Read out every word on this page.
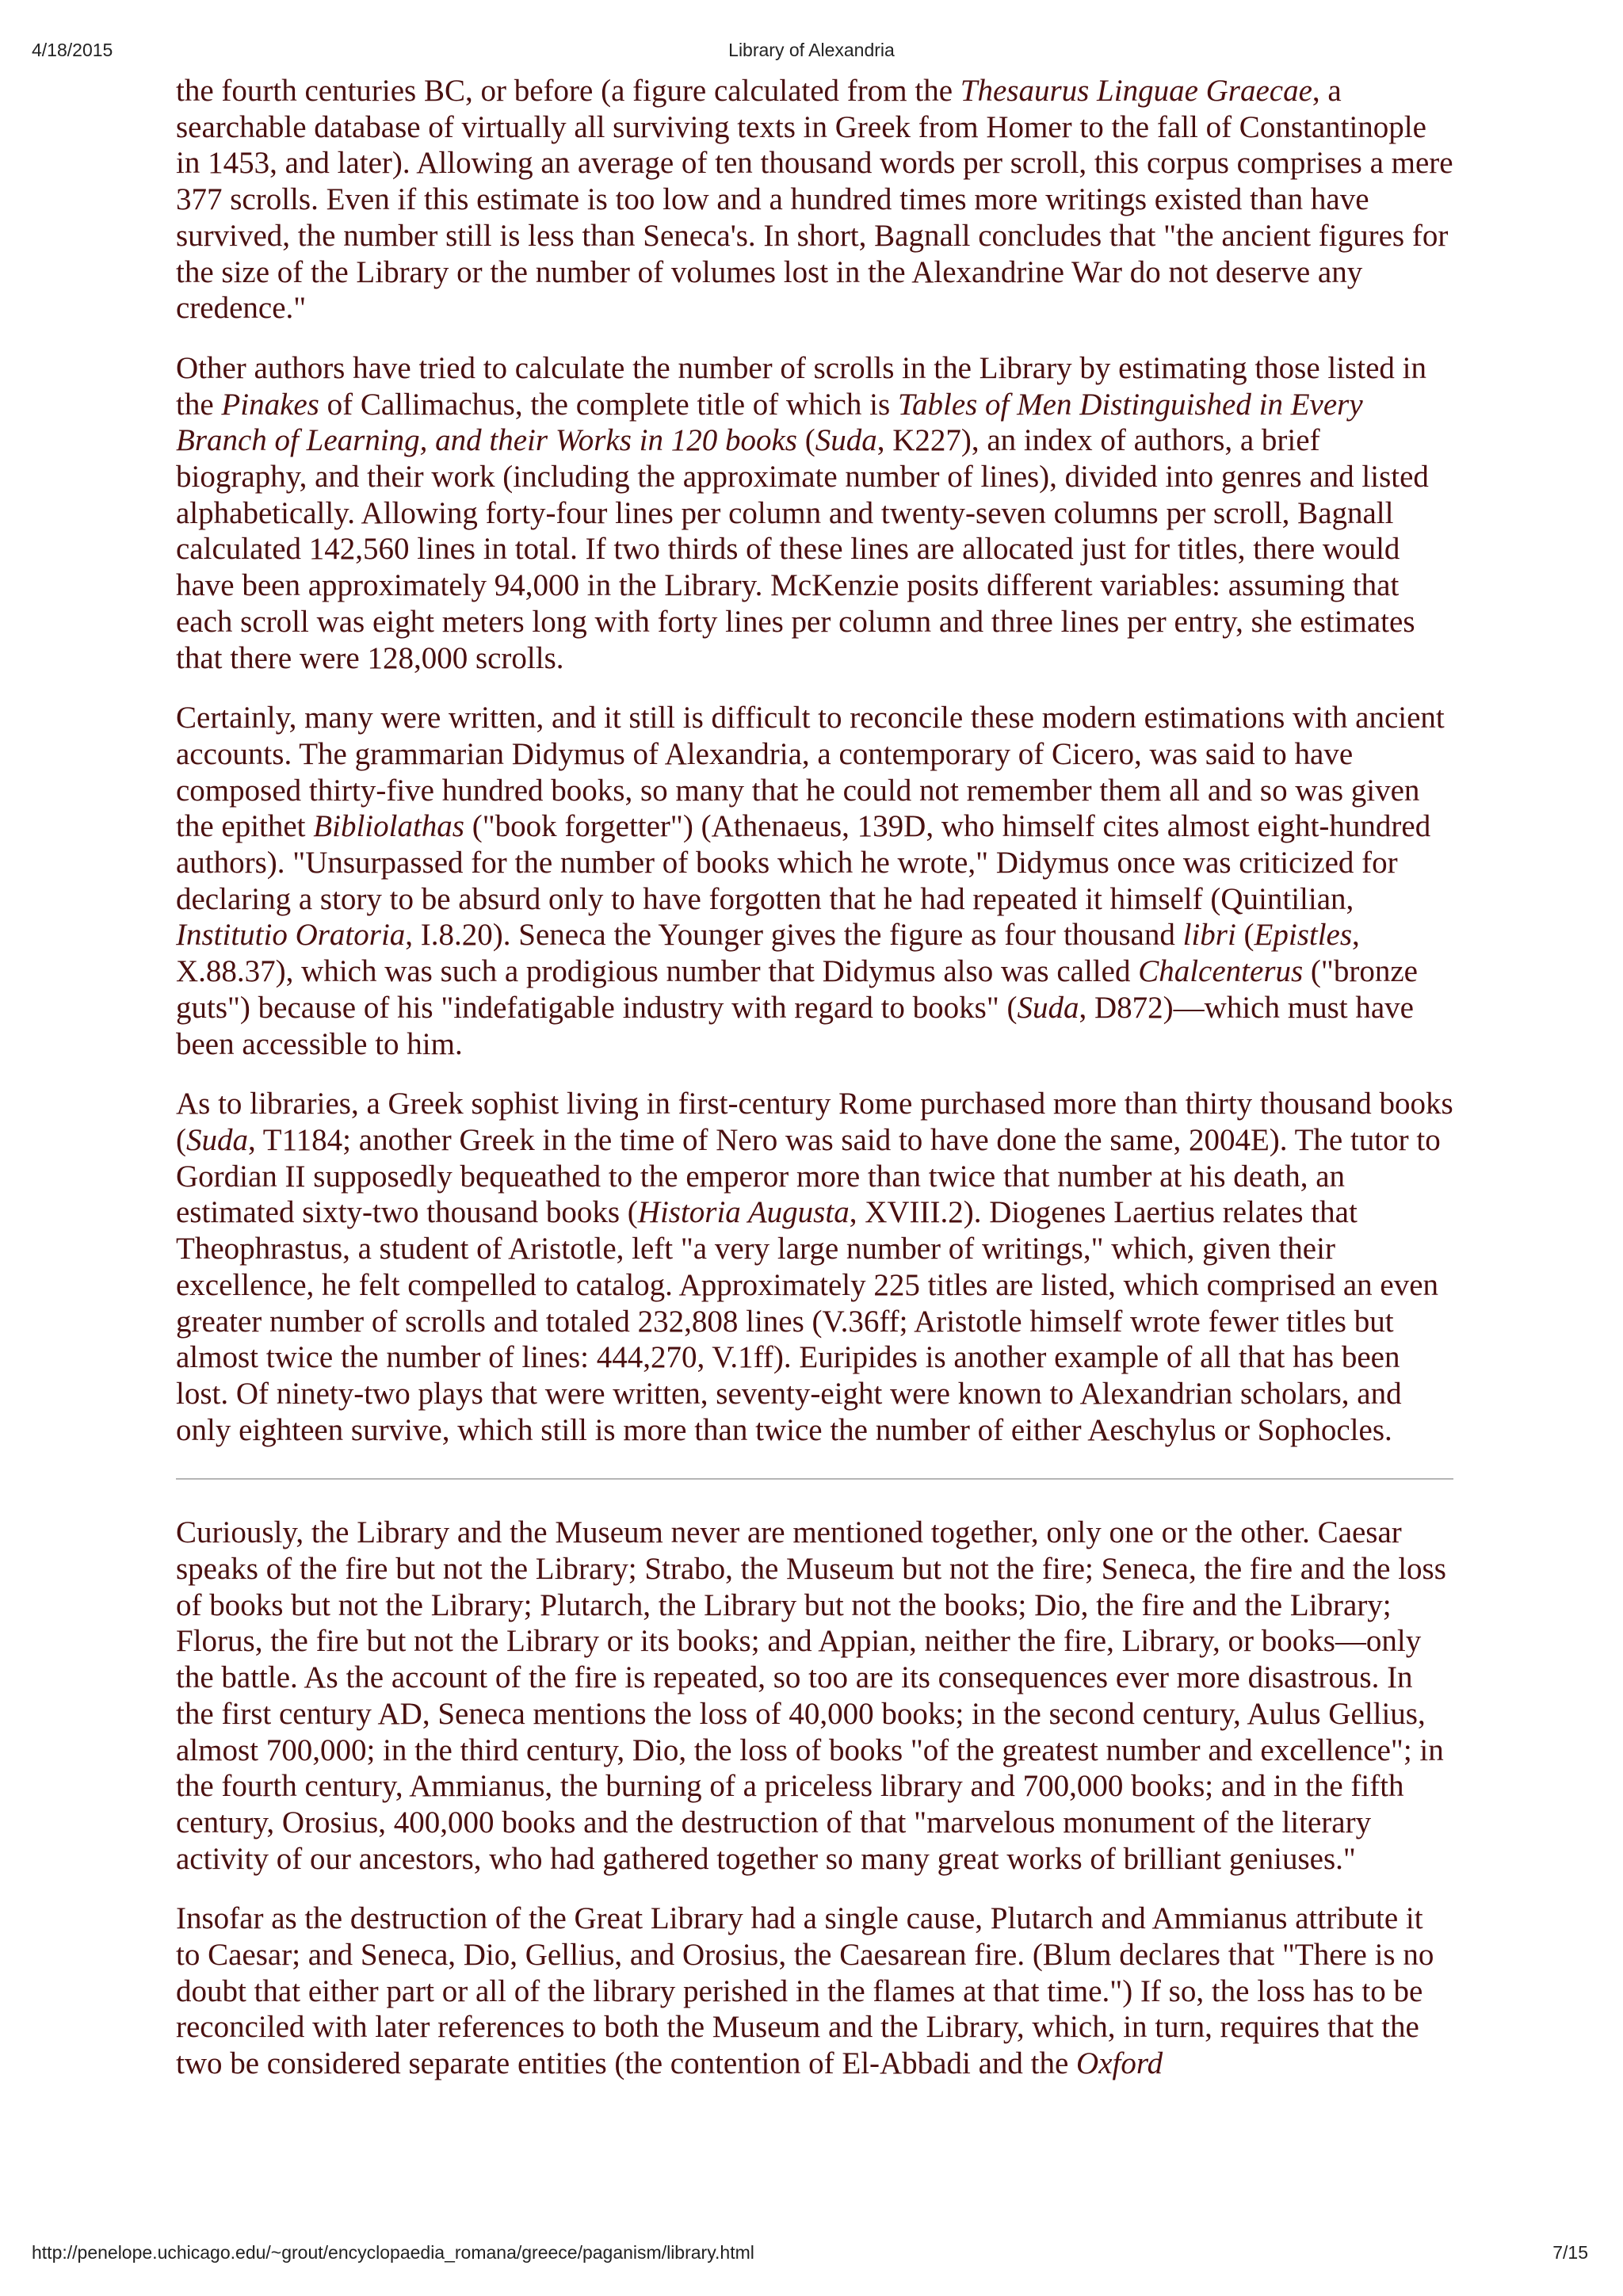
4/18/2015	Library of Alexandria

the fourth centuries BC, or before (a figure calculated from the Thesaurus Linguae Graecae, a searchable database of virtually all surviving texts in Greek from Homer to the fall of Constantinople in 1453, and later). Allowing an average of ten thousand words per scroll, this corpus comprises a mere 377 scrolls. Even if this estimate is too low and a hundred times more writings existed than have survived, the number still is less than Seneca's. In short, Bagnall concludes that "the ancient figures for the size of the Library or the number of volumes lost in the Alexandrine War do not deserve any credence."

Other authors have tried to calculate the number of scrolls in the Library by estimating those listed in the Pinakes of Callimachus, the complete title of which is Tables of Men Distinguished in Every Branch of Learning, and their Works in 120 books (Suda, K227), an index of authors, a brief biography, and their work (including the approximate number of lines), divided into genres and listed alphabetically. Allowing forty-four lines per column and twenty-seven columns per scroll, Bagnall calculated 142,560 lines in total. If two thirds of these lines are allocated just for titles, there would have been approximately 94,000 in the Library. McKenzie posits different variables: assuming that each scroll was eight meters long with forty lines per column and three lines per entry, she estimates that there were 128,000 scrolls.

Certainly, many were written, and it still is difficult to reconcile these modern estimations with ancient accounts. The grammarian Didymus of Alexandria, a contemporary of Cicero, was said to have composed thirty-five hundred books, so many that he could not remember them all and so was given the epithet Bibliolathas ("book forgetter") (Athenaeus, 139D, who himself cites almost eight-hundred authors). "Unsurpassed for the number of books which he wrote," Didymus once was criticized for declaring a story to be absurd only to have forgotten that he had repeated it himself (Quintilian, Institutio Oratoria, I.8.20). Seneca the Younger gives the figure as four thousand libri (Epistles, X.88.37), which was such a prodigious number that Didymus also was called Chalcenterus ("bronze guts") because of his "indefatigable industry with regard to books" (Suda, D872)—which must have been accessible to him.

As to libraries, a Greek sophist living in first-century Rome purchased more than thirty thousand books (Suda, T1184; another Greek in the time of Nero was said to have done the same, 2004E). The tutor to Gordian II supposedly bequeathed to the emperor more than twice that number at his death, an estimated sixty-two thousand books (Historia Augusta, XVIII.2). Diogenes Laertius relates that Theophrastus, a student of Aristotle, left "a very large number of writings," which, given their excellence, he felt compelled to catalog. Approximately 225 titles are listed, which comprised an even greater number of scrolls and totaled 232,808 lines (V.36ff; Aristotle himself wrote fewer titles but almost twice the number of lines: 444,270, V.1ff). Euripides is another example of all that has been lost. Of ninety-two plays that were written, seventy-eight were known to Alexandrian scholars, and only eighteen survive, which still is more than twice the number of either Aeschylus or Sophocles.

Curiously, the Library and the Museum never are mentioned together, only one or the other. Caesar speaks of the fire but not the Library; Strabo, the Museum but not the fire; Seneca, the fire and the loss of books but not the Library; Plutarch, the Library but not the books; Dio, the fire and the Library; Florus, the fire but not the Library or its books; and Appian, neither the fire, Library, or books—only the battle. As the account of the fire is repeated, so too are its consequences ever more disastrous. In the first century AD, Seneca mentions the loss of 40,000 books; in the second century, Aulus Gellius, almost 700,000; in the third century, Dio, the loss of books "of the greatest number and excellence"; in the fourth century, Ammianus, the burning of a priceless library and 700,000 books; and in the fifth century, Orosius, 400,000 books and the destruction of that "marvelous monument of the literary activity of our ancestors, who had gathered together so many great works of brilliant geniuses."

Insofar as the destruction of the Great Library had a single cause, Plutarch and Ammianus attribute it to Caesar; and Seneca, Dio, Gellius, and Orosius, the Caesarean fire. (Blum declares that "There is no doubt that either part or all of the library perished in the flames at that time.") If so, the loss has to be reconciled with later references to both the Museum and the Library, which, in turn, requires that the two be considered separate entities (the contention of El-Abbadi and the Oxford

http://penelope.uchicago.edu/~grout/encyclopaedia_romana/greece/paganism/library.html	7/15
